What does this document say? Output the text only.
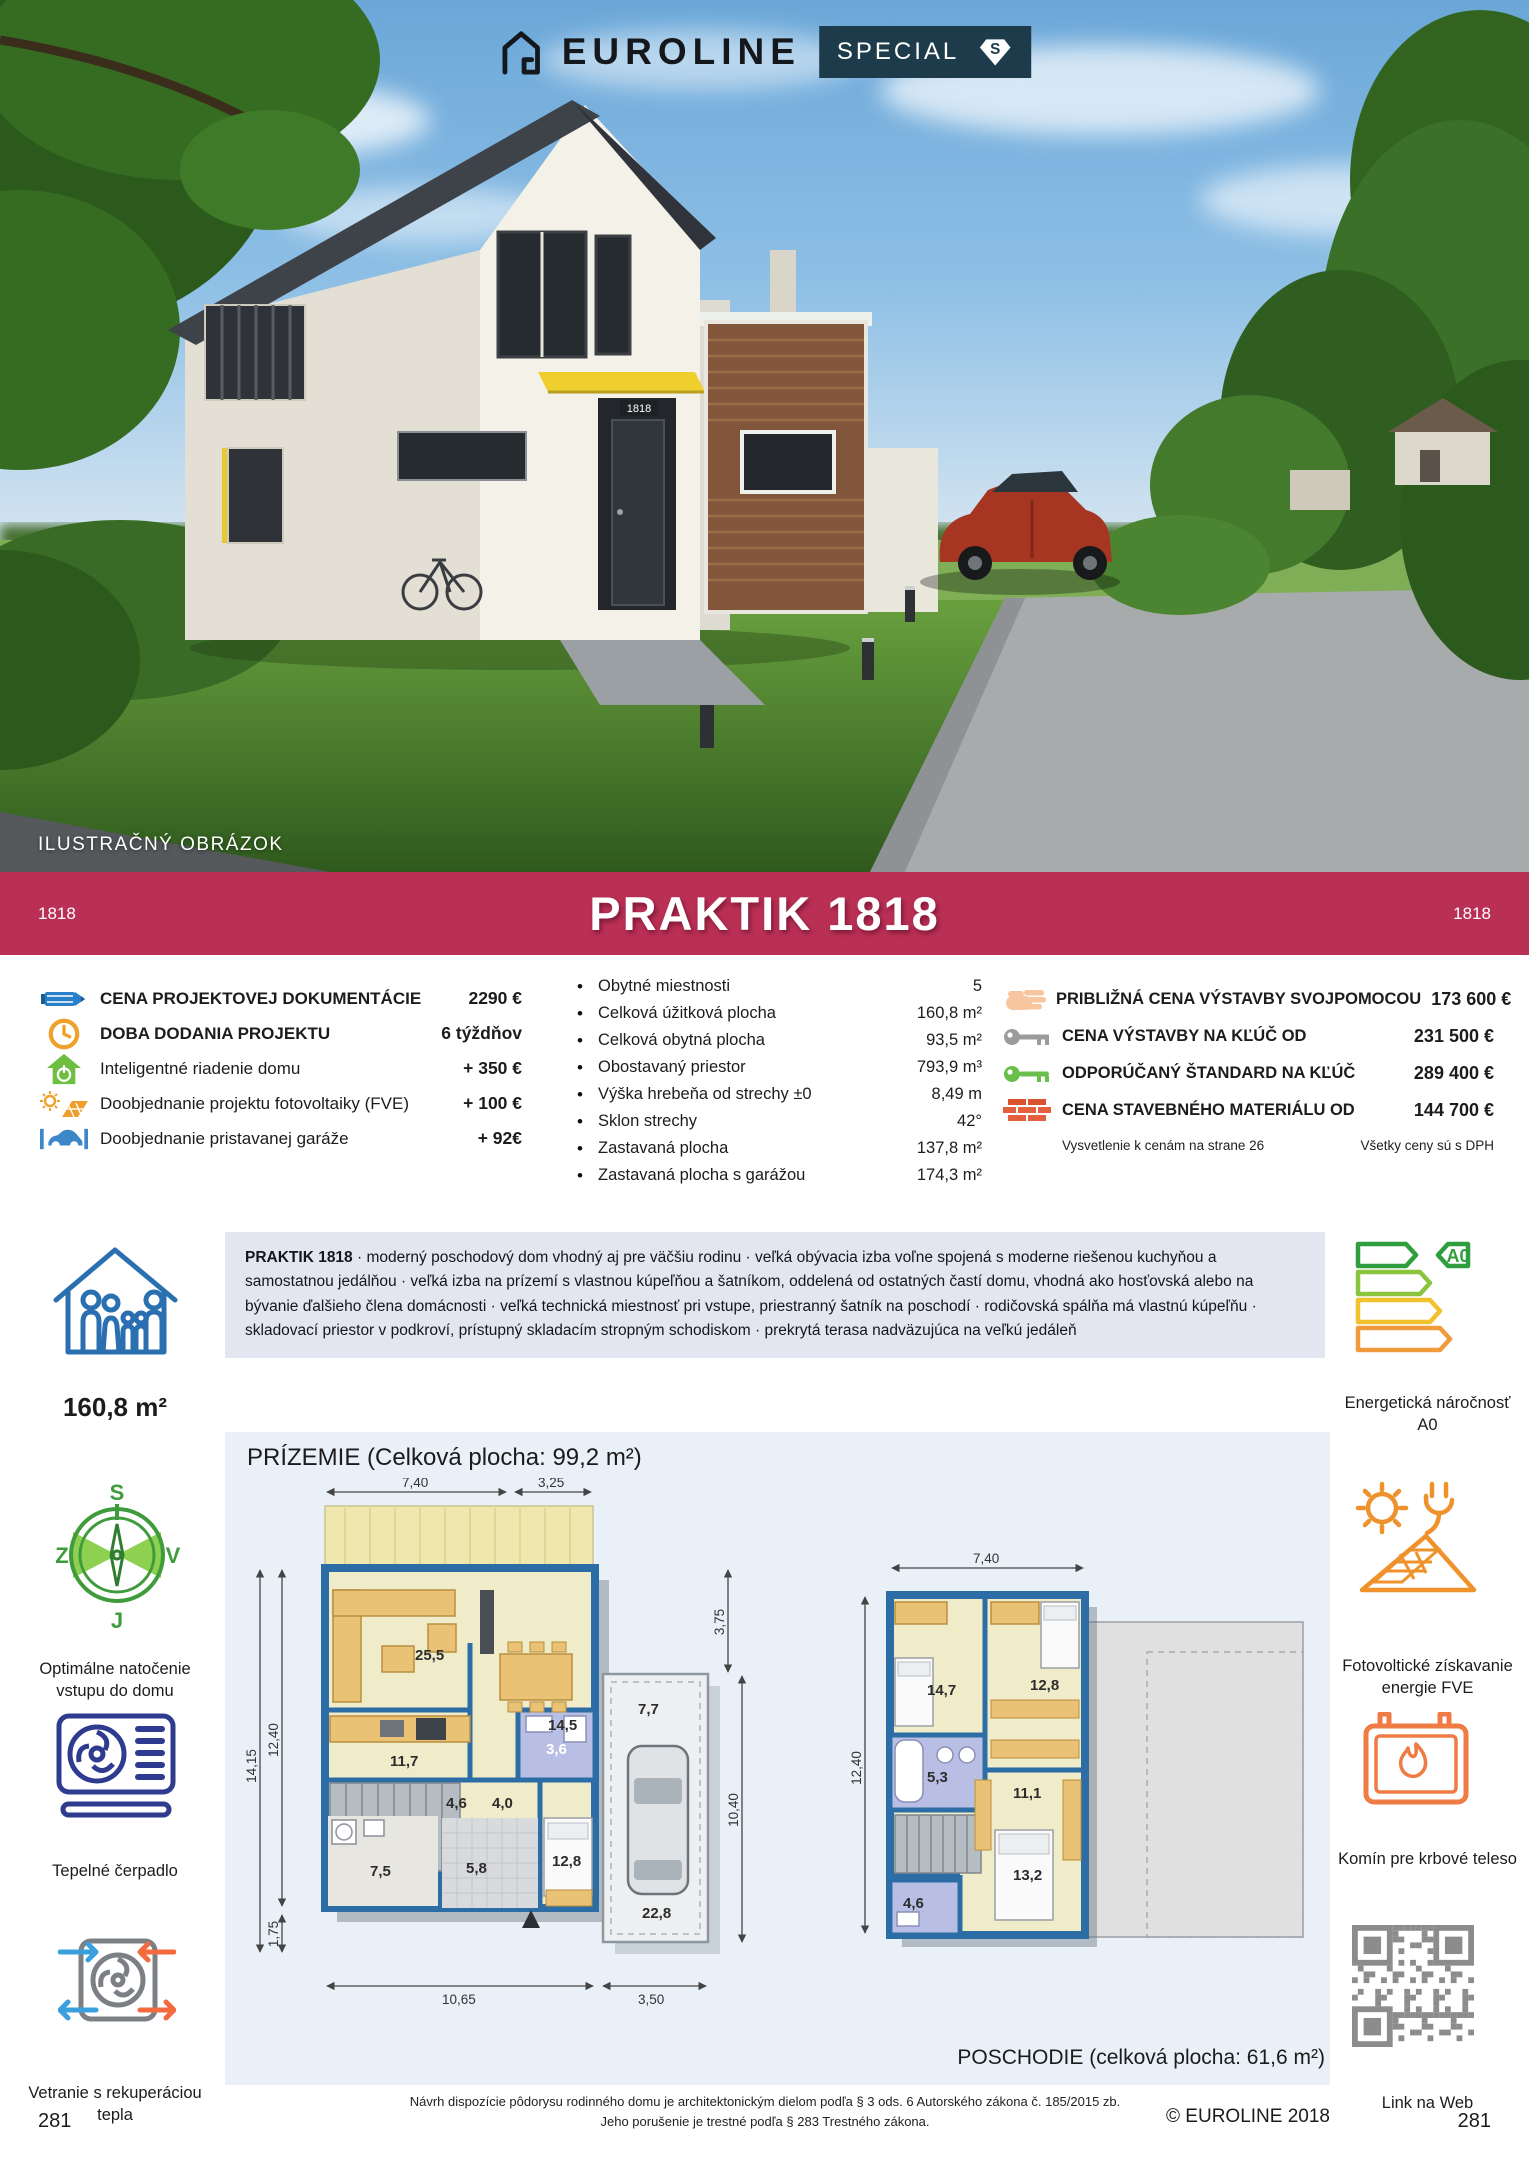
1818
EUROLINE SPECIAL S
ILUSTRAČNÝ OBRÁZOK
1818	PRAKTIK 1818	1818
CENA PROJEKTOVEJ DOKUMENTÁCIE	2290 €
DOBA DODANIA PROJEKTU	6 týždňov
Inteligentné riadenie domu	+ 350 €
Doobjednanie projektu fotovoltaiky (FVE)	+ 100 €
Doobjednanie pristavanej garáže	+ 92€
• Obytné miestnosti	5
• Celková úžitková plocha	160,8 m²
• Celková obytná plocha	93,5 m²
• Obostavaný priestor	793,9 m³
• Výška hrebeňa od strechy ±0	8,49 m
• Sklon strechy	42°
• Zastavaná plocha	137,8 m²
• Zastavaná plocha s garážou	174,3 m²
PRIBLIŽNÁ CENA VÝSTAVBY SVOJPOMOCOU 173 600 €
CENA VÝSTAVBY NA KĽÚČ OD	231 500 €
ODPORÚČANÝ ŠTANDARD NA KĽÚČ	289 400 €
CENA STAVEBNÉHO MATERIÁLU OD	144 700 €
Vysvetlenie k cenám na strane 26	Všetky ceny sú s DPH
PRAKTIK 1818 · moderný poschodový dom vhodný aj pre väčšiu rodinu · veľká obývacia izba voľne spojená s moderne riešenou kuchyňou a samostatnou jedálňou · veľká izba na prízemí s vlastnou kúpeľňou a šatníkom, oddelená od ostatných častí domu, vhodná ako hosťovská alebo na bývanie ďalšieho člena domácnosti · veľká technická miestnosť pri vstupe, priestranný šatník na poschodí · rodičovská spálňa má vlastnú kúpeľňu · skladovací priestor v podkroví, prístupný skladacím stropným schodiskom · prekrytá terasa nadväzujúca na veľkú jedáleň
160,8 m²
S
Z	V
J
Optimálne natočenie vstupu do domu
Tepelné čerpadlo
Vetranie s rekuperáciou tepla
A0
Energetická náročnosť A0
Fotovoltické získavanie energie FVE
Komín pre krbové teleso
Link na Web
PRÍZEMIE (Celková plocha: 99,2 m²)
25,5
14,5
11,7
7,7
4,6 4,0
3,6
7,5	5,8	12,8
22,8
7,40	3,25
14,15
12,40
1,75
3,75
10,40
10,65	3,50
14,7	12,8
5,3
11,1
13,2
4,6
7,40
12,40
POSCHODIE (celková plocha: 61,6 m²)
Návrh dispozície pôdorysu rodinného domu je architektonickým dielom podľa § 3 ods. 6 Autorského zákona č. 185/2015 zb.
Jeho porušenie je trestné podľa § 283 Trestného zákona.	© EUROLINE 2018
281	281
